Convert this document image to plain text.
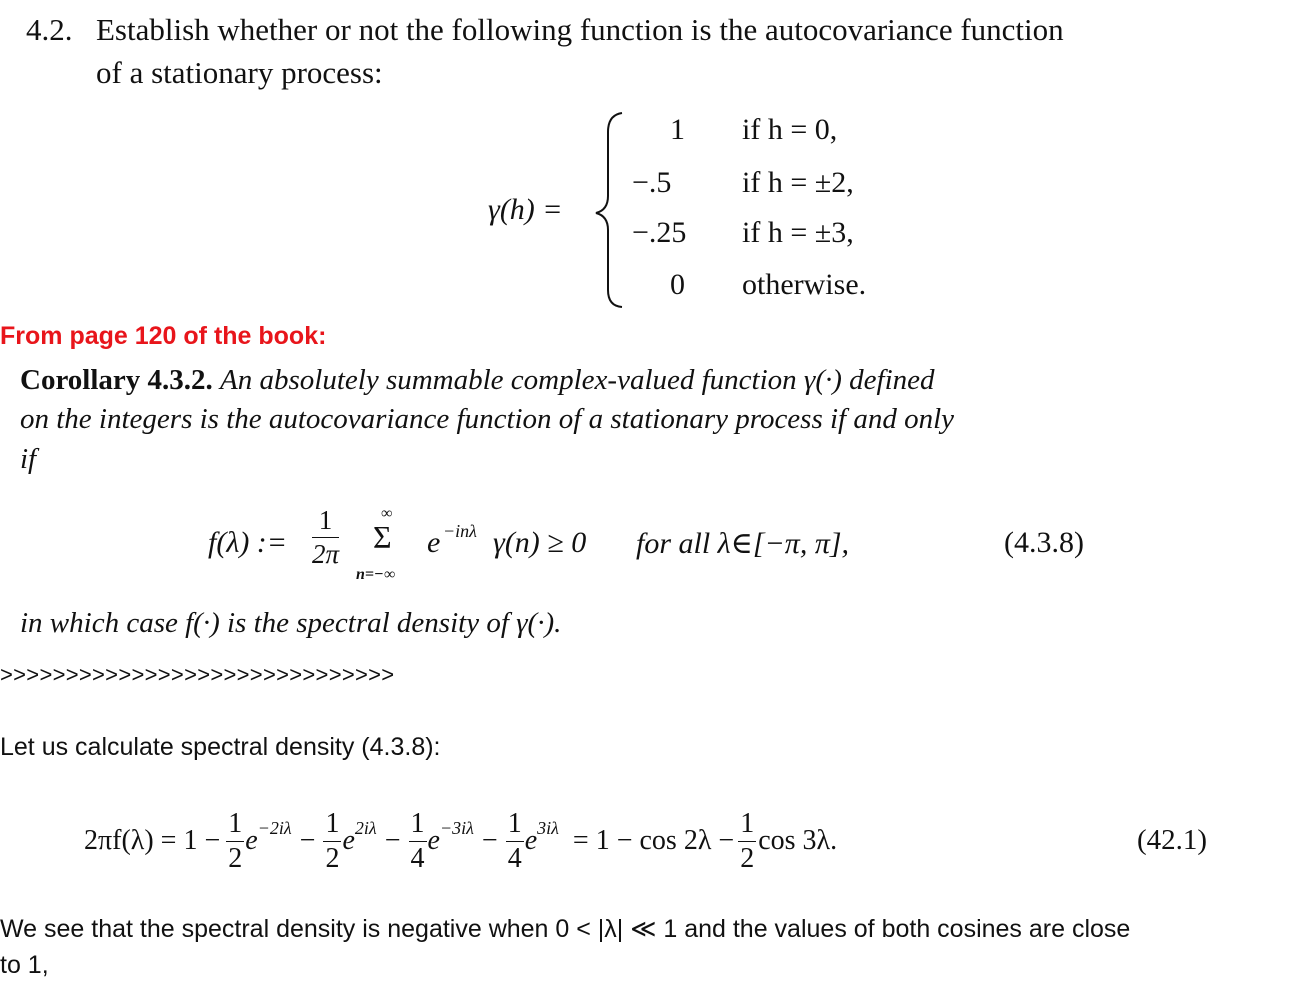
4.2. Establish whether or not the following function is the autocovariance function
of a stationary process:
γ(h) =
1 if h = 0,
−.5 if h = ±2,
−.25 if h = ±3,
0 otherwise.
From page 120 of the book:
Corollary 4.3.2. An absolutely summable complex-valued function γ(·) defined
on the integers is the autocovariance function of a stationary process if and only
if
f(λ) := $\frac{1}{2\pi}$	∞
Σ
n=−∞
e −inλ γ(n) ≥ 0 for all λ∈[−π, π],	(4.3.8)
in which case f(·) is the spectral density of γ(·).
>>>>>>>>>>>>>>>>>>>>>>>>>>>>>>
Let us calculate spectral density (4.3.8):
$2\pi f(\lambda) = 1 - \frac{1}{2}$ $e -2i\lambda - \frac{1}{2}$ e $2i\lambda - \frac{1}{4}$ $e -3i\lambda - \frac{1}{4}$ e $3i\lambda = 1 - \cos 2\lambda - \frac{1}{2}$ cos 3λ.	(42.1)
We see that the spectral density is negative when 0 < |λ| ≪ 1 and the values of both cosines are close
to 1,
